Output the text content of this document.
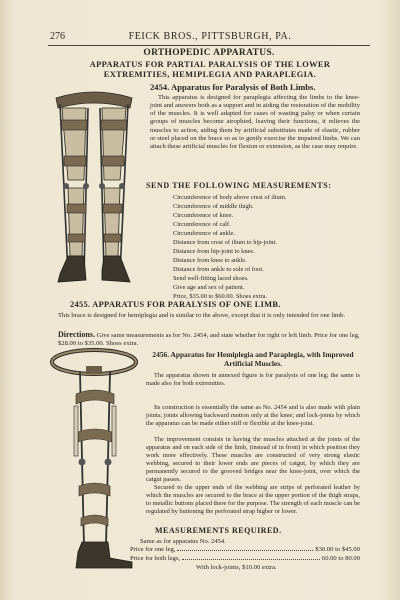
276	FEICK BROS., PITTSBURGH, PA.

ORTHOPEDIC APPARATUS.

APPARATUS FOR PARTIAL PARALYSIS OF THE LOWER EXTREMITIES, HEMIPLEGIA AND PARAPLEGIA.

2454. Apparatus for Paralysis of Both Limbs.

This apparatus is designed for paraplegia affecting the limbs to the knee-joint and answers both as a support and in aiding the restoration of the mobility of the muscles. It is well adapted for cases of wasting palsy or when certain groups of muscles become atrophied, leaving their functions, it relieves the muscles to action, aiding them by artificial substitutes made of elastic, rubber or steel placed on the brace so as to gently exercise the impaired limbs. We can attach these artificial muscles for flexion or extension, as the case may require.

SEND THE FOLLOWING MEASUREMENTS:

Circumference of body above crest of ilium.
Circumference of middle thigh.
Circumference of knee.
Circumference of calf.
Circumference of ankle.
Distance from crest of ilium to hip-joint.
Distance from hip-joint to knee.
Distance from knee to ankle.
Distance from ankle to sole of foot.
Send well-fitting laced shoes.
Give age and sex of patient.
Price, $35.00 to $60.00. Shoes extra.

2455. APPARATUS FOR PARALYSIS OF ONE LIMB.

This brace is designed for hemiplegia and is similar to the above, except that it is only intended for one limb.

Directions. Give same measurements as for No. 2454, and state whether for right or left limb. Price for one leg, $28.00 to $35.00. Shoes extra.

2456. Apparatus for Hemiplegia and Paraplegia, with Improved Artificial Muscles.

The apparatus shown in annexed figure is for paralysis of one leg; the same is made also for both extremities.

Its construction is essentially the same as No. 2454 and is also made with plain joints; joints allowing backward motion only at the knee; and lock-joints by which the apparatus can be made either stiff or flexible at the knee-joint.

The improvement consists in having the muscles attached at the joints of the apparatus and on each side of the limb, (instead of in front) in which position they work more effectively. These muscles are constructed of very strong elastic webbing, secured to their lower ends are pieces of catgut, by which they are permanently secured to the grooved bridges near the knee-joint, over which the catgut passes.

Secured to the upper ends of the webbing are strips of perforated leather by which the muscles are secured to the brace at the upper portion of the thigh straps, to metallic buttons placed there for the purpose. The strength of each muscle can be regulated by buttoning the perforated strap higher or lower.

MEASUREMENTS REQUIRED.

Same as for apparatus No. 2454.

Price for one leg,	$30.00 to $45.00
Price for both legs,	60.00 to 80.00

With lock-joints, $10.00 extra.
